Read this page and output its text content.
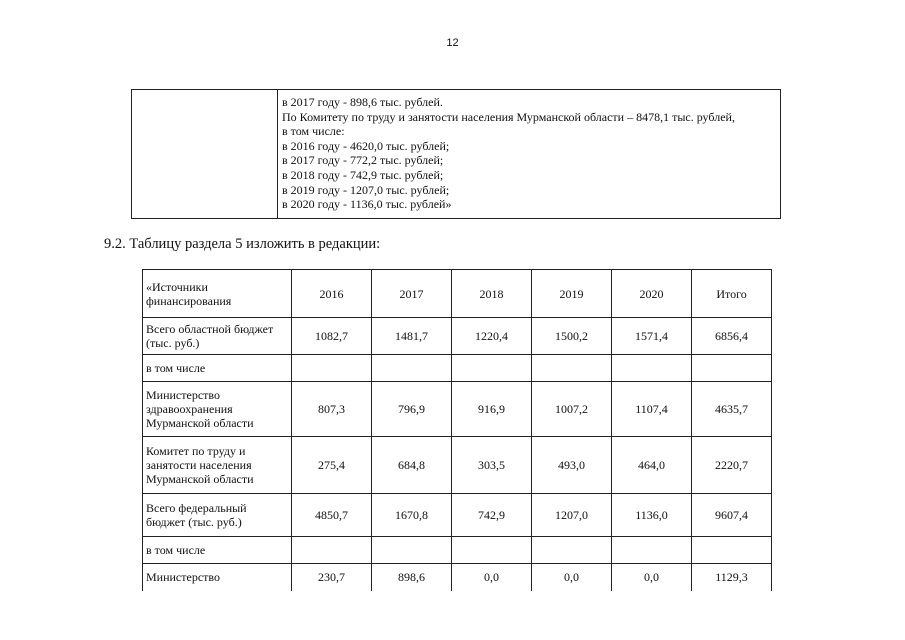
12
в 2017 году - 898,6 тыс. рублей.
По Комитету по труду и занятости населения Мурманской области – 8478,1 тыс. рублей,
в том числе:
в 2016 году - 4620,0 тыс. рублей;
в 2017 году - 772,2 тыс. рублей;
в 2018 году - 742,9 тыс. рублей;
в 2019 году - 1207,0 тыс. рублей;
в 2020 году - 1136,0 тыс. рублей»
9.2. Таблицу раздела 5 изложить в редакции:
«Источники финансирования	2016	2017	2018	2019	2020	Итого
Всего областной бюджет (тыс. руб.)	1082,7	1481,7	1220,4	1500,2	1571,4	6856,4
в том числе						
Министерство здравоохранения Мурманской области	807,3	796,9	916,9	1007,2	1107,4	4635,7
Комитет по труду и занятости населения Мурманской области	275,4	684,8	303,5	493,0	464,0	2220,7
Всего федеральный бюджет (тыс. руб.)	4850,7	1670,8	742,9	1207,0	1136,0	9607,4
в том числе						
Министерство	230,7	898,6	0,0	0,0	0,0	1129,3
